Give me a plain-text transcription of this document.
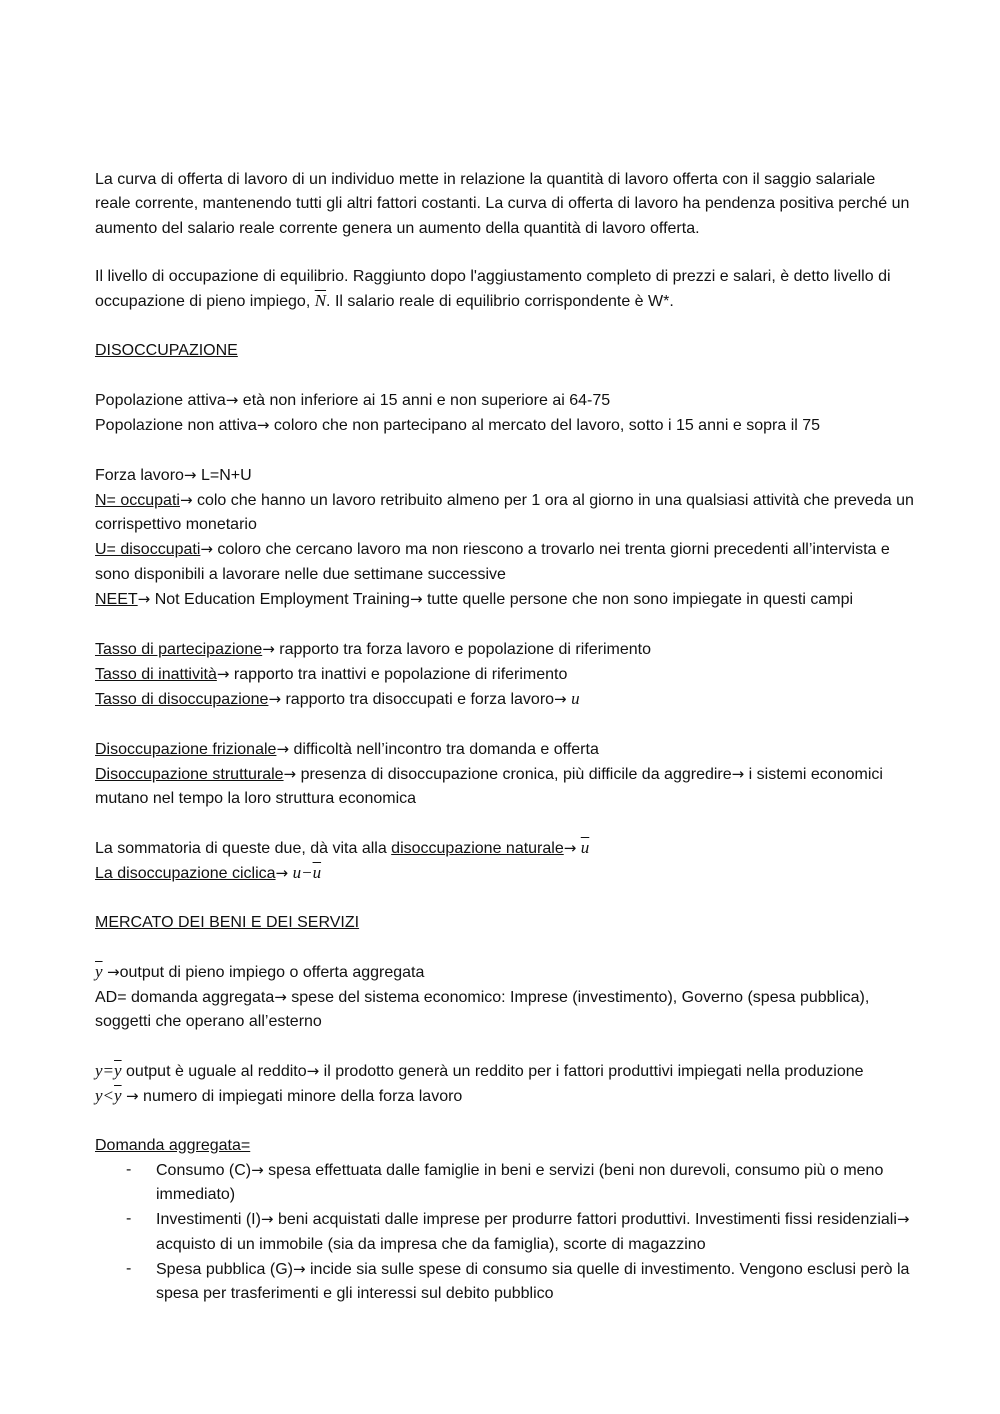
La curva di offerta di lavoro di un individuo mette in relazione la quantità di lavoro offerta con il saggio salariale reale corrente, mantenendo tutti gli altri fattori costanti. La curva di offerta di lavoro ha pendenza positiva perché un aumento del salario reale corrente genera un aumento della quantità di lavoro offerta.

Il livello di occupazione di equilibrio. Raggiunto dopo l'aggiustamento completo di prezzi e salari, è detto livello di occupazione di pieno impiego, $\overline{N}$. Il salario reale di equilibrio corrispondente è W*.

DISOCCUPAZIONE

Popolazione attiva→ età non inferiore ai 15 anni e non superiore ai 64-75

Popolazione non attiva→ coloro che non partecipano al mercato del lavoro, sotto i 15 anni e sopra il 75

Forza lavoro→ L=N+U

N= occupati→ colo che hanno un lavoro retribuito almeno per 1 ora al giorno in una qualsiasi attività che preveda un corrispettivo monetario

U= disoccupati→ coloro che cercano lavoro ma non riescono a trovarlo nei trenta giorni precedenti all’intervista e sono disponibili a lavorare nelle due settimane successive

NEET→ Not Education Employment Training→ tutte quelle persone che non sono impiegate in questi campi

Tasso di partecipazione→ rapporto tra forza lavoro e popolazione di riferimento

Tasso di inattività→ rapporto tra inattivi e popolazione di riferimento

Tasso di disoccupazione→ rapporto tra disoccupati e forza lavoro→ u

Disoccupazione frizionale→ difficoltà nell’incontro tra domanda e offerta

Disoccupazione strutturale→ presenza di disoccupazione cronica, più difficile da aggredire→ i sistemi economici mutano nel tempo la loro struttura economica

La sommatoria di queste due, dà vita alla disoccupazione naturale→ $\overline{u}$

La disoccupazione ciclica→ $u-\overline{u}$

MERCATO DEI BENI E DEI SERVIZI

$\overline{y}$ →output di pieno impiego o offerta aggregata

AD= domanda aggregata→ spese del sistema economico: Imprese (investimento), Governo (spesa pubblica), soggetti che operano all’esterno

$y=\overline{y}$ output è uguale al reddito→ il prodotto generà un reddito per i fattori produttivi impiegati nella produzione

$y<\overline{y}$ → numero di impiegati minore della forza lavoro

Domanda aggregata=

- Consumo (C)→ spesa effettuata dalle famiglie in beni e servizi (beni non durevoli, consumo più o meno immediato)
- Investimenti (I)→ beni acquistati dalle imprese per produrre fattori produttivi. Investimenti fissi residenziali→ acquisto di un immobile (sia da impresa che da famiglia), scorte di magazzino
- Spesa pubblica (G)→ incide sia sulle spese di consumo sia quelle di investimento. Vengono esclusi però la spesa per trasferimenti e gli interessi sul debito pubblico
